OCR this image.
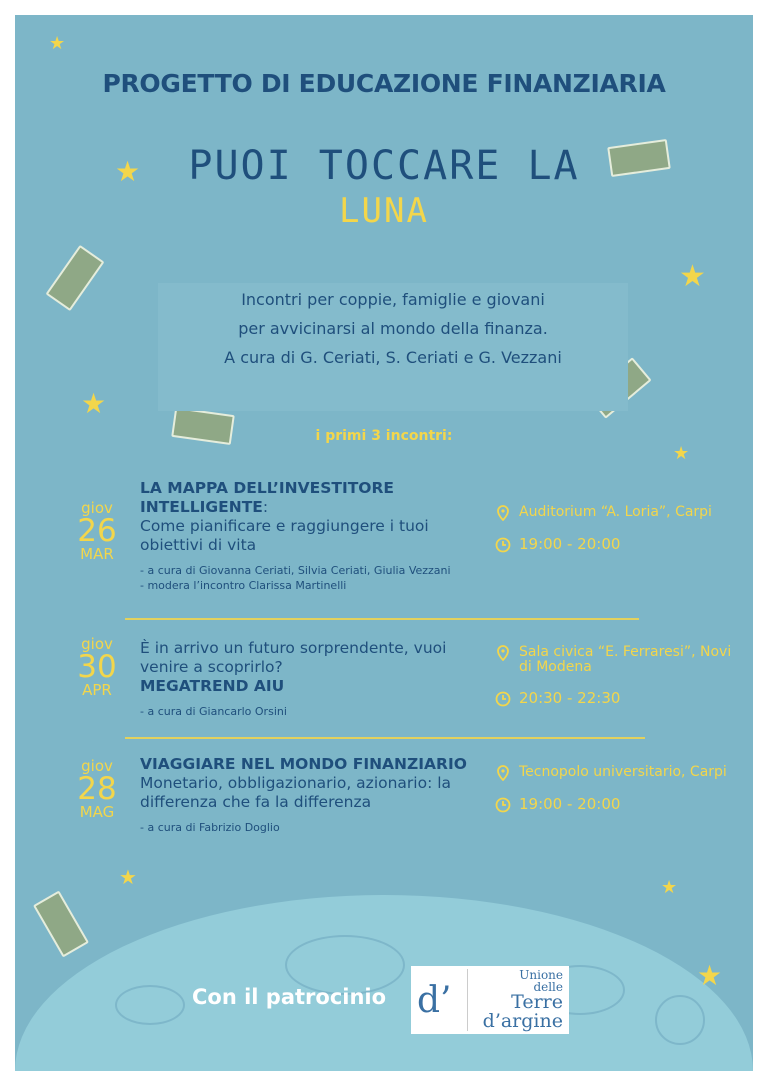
★
★
★
★
★
★	★
★
PROGETTO DI EDUCAZIONE FINANZIARIA
PUOI TOCCARE LA
LUNA
Incontri per coppie, famiglie e giovani
per avvicinarsi al mondo della finanza.
A cura di G. Ceriati, S. Ceriati e G. Vezzani
i primi 3 incontri:
giov
26
MAR
LA MAPPA DELL’INVESTITORE INTELLIGENTE:
Come pianificare e raggiungere i tuoi obiettivi di vita
- a cura di Giovanna Ceriati, Silvia Ceriati, Giulia Vezzani
- modera l’incontro Clarissa Martinelli
Auditorium “A. Loria”, Carpi
19:00 - 20:00
giov
30
APR
È in arrivo un futuro sorprendente, vuoi venire a scoprirlo?
MEGATREND AIU
- a cura di Giancarlo Orsini
Sala civica “E. Ferraresi”, Novi di Modena
20:30 - 22:30
giov
28
MAG
VIAGGIARE NEL MONDO FINANZIARIO
Monetario, obbligazionario, azionario: la differenza che fa la differenza
- a cura di Fabrizio Doglio
Tecnopolo universitario, Carpi
19:00 - 20:00
Con il patrocinio d’
Unione
delle
Terre
d’argine
